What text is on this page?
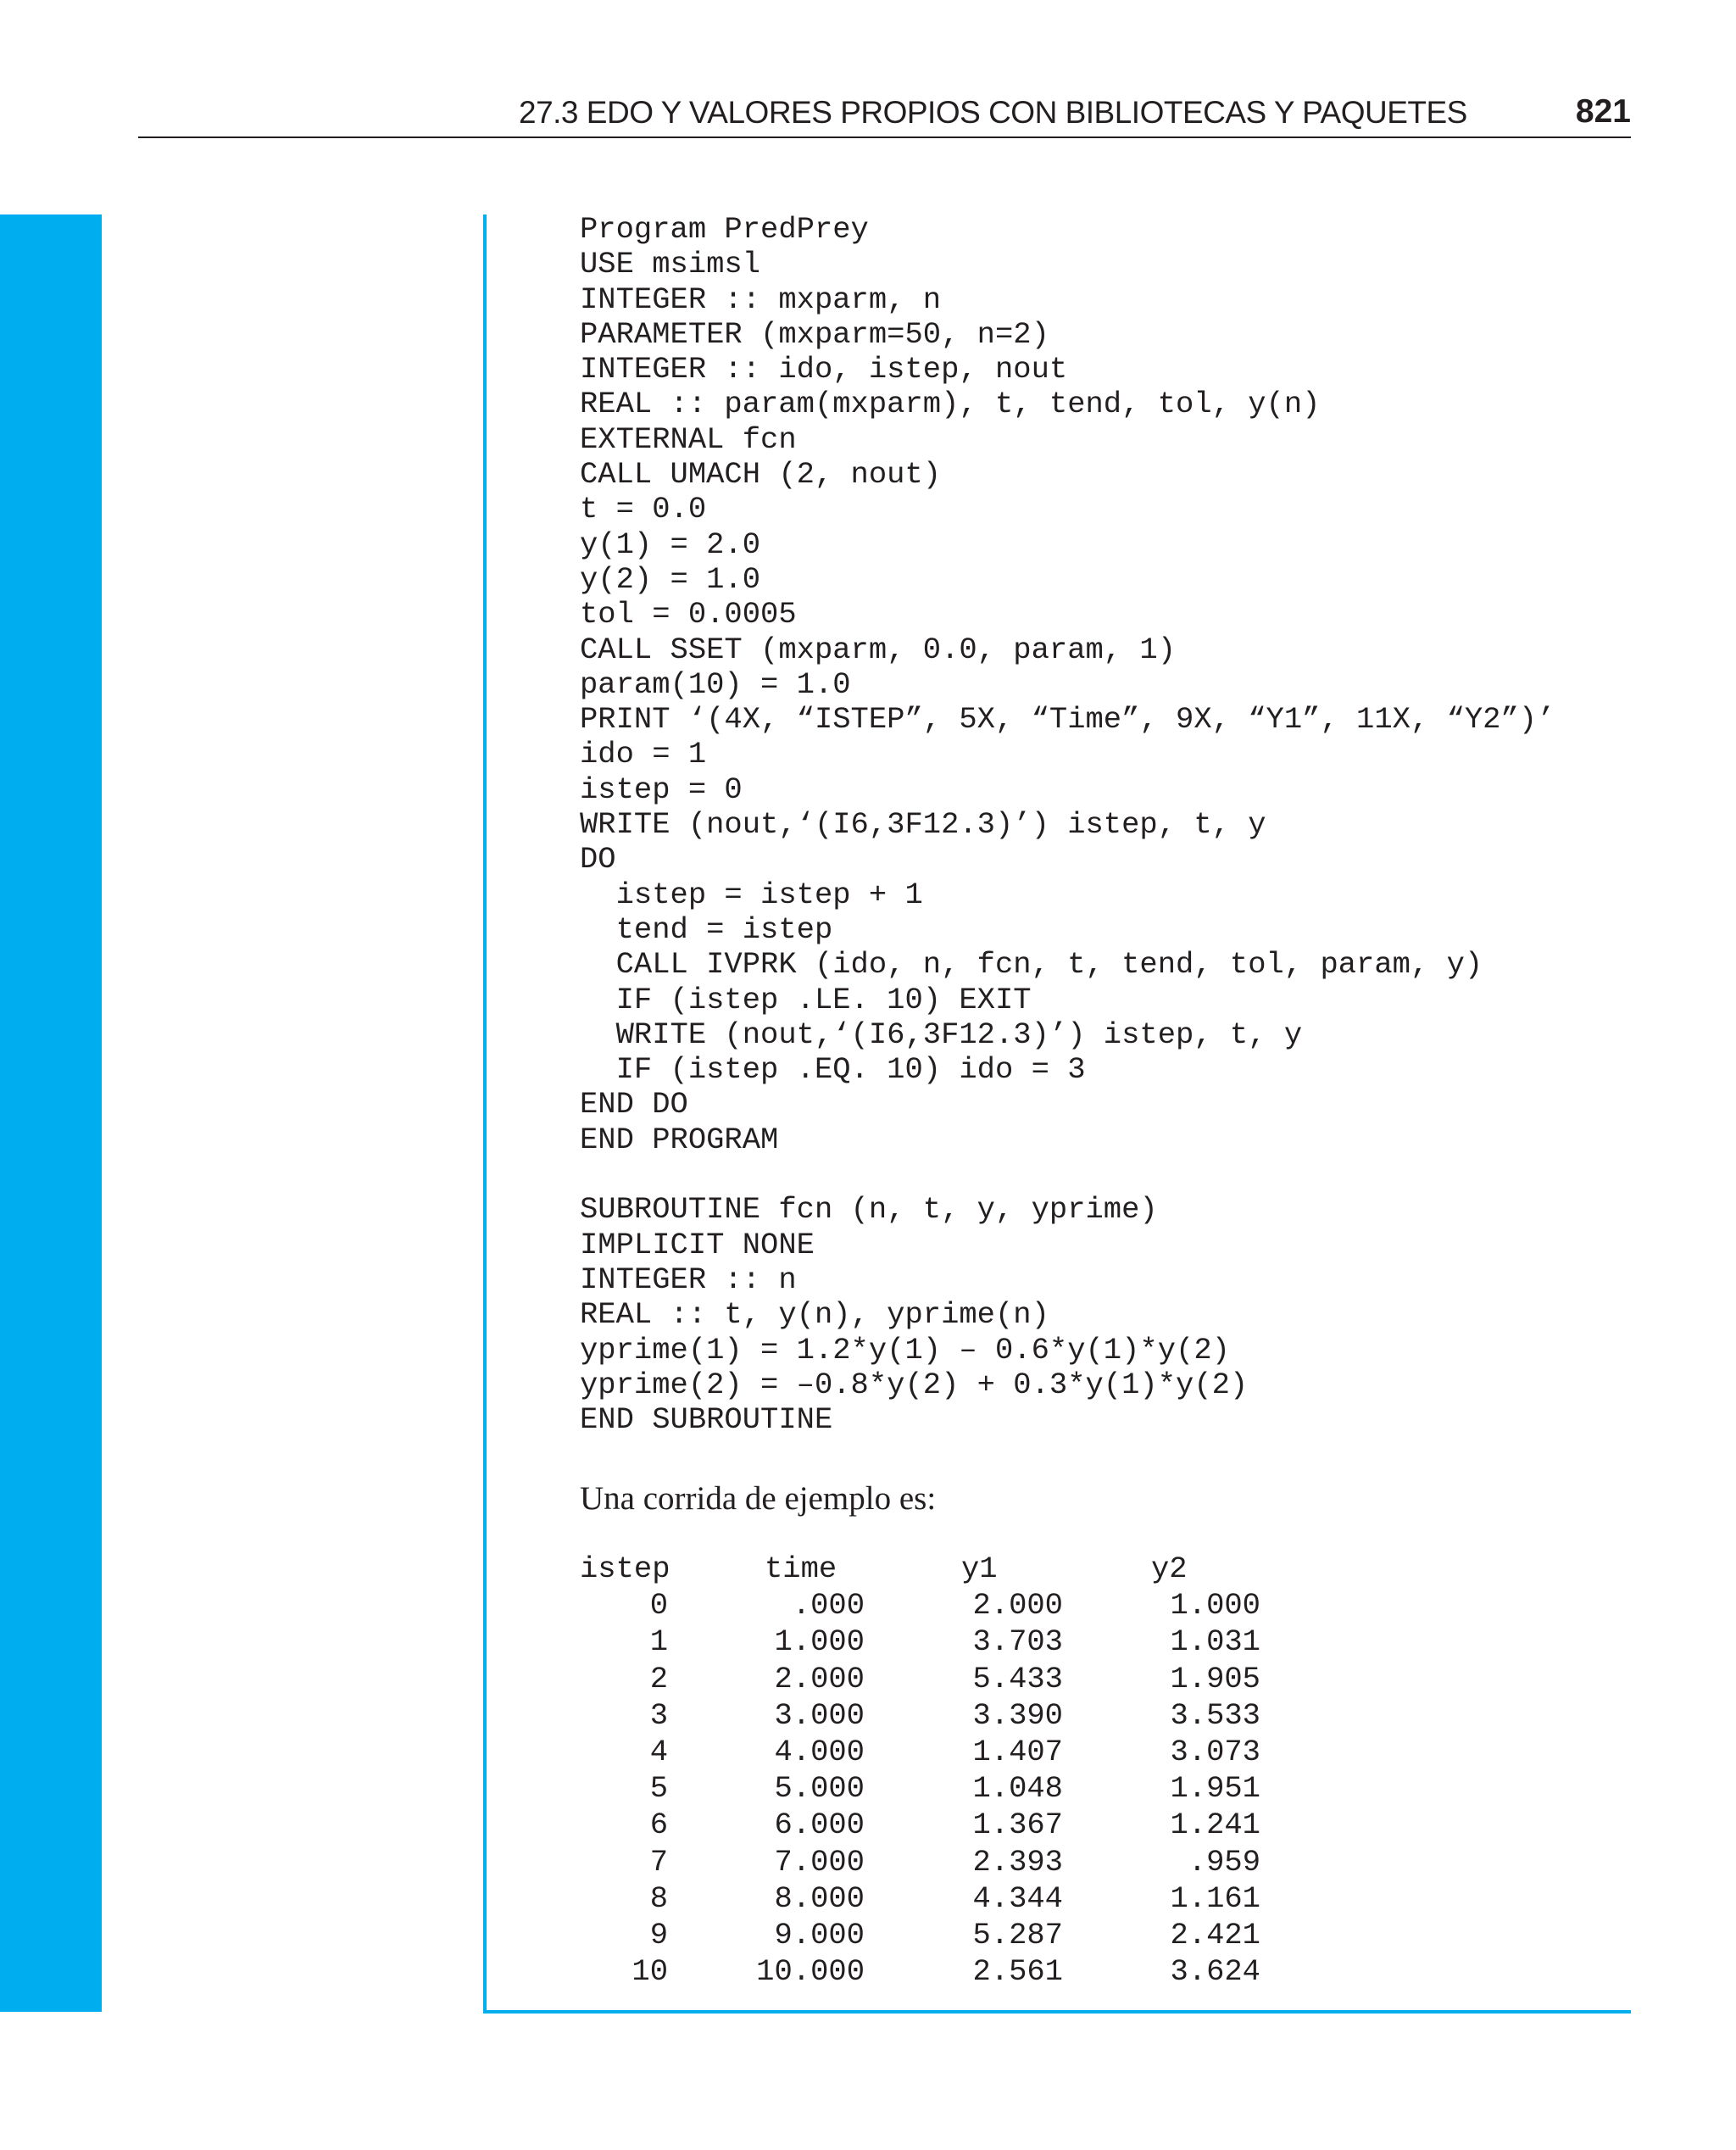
27.3 EDO Y VALORES PROPIOS CON BIBLIOTECAS Y PAQUETES	821
Program PredPrey
USE msimsl
INTEGER :: mxparm, n
PARAMETER (mxparm=50, n=2)
INTEGER :: ido, istep, nout
REAL :: param(mxparm), t, tend, tol, y(n)
EXTERNAL fcn
CALL UMACH (2, nout)
t = 0.0
y(1) = 2.0
y(2) = 1.0
tol = 0.0005
CALL SSET (mxparm, 0.0, param, 1)
param(10) = 1.0
PRINT ‘(4X, “ISTEP”, 5X, “Time”, 9X, “Y1”, 11X, “Y2”)’
ido = 1
istep = 0
WRITE (nout,‘(I6,3F12.3)’) istep, t, y
DO
istep = istep + 1
tend = istep
CALL IVPRK (ido, n, fcn, t, tend, tol, param, y)
IF (istep .LE. 10) EXIT
WRITE (nout,‘(I6,3F12.3)’) istep, t, y
IF (istep .EQ. 10) ido = 3
END DO
END PROGRAM
SUBROUTINE fcn (n, t, y, yprime)
IMPLICIT NONE
INTEGER :: n
REAL :: t, y(n), yprime(n)
yprime(1) = 1.2*y(1) – 0.6*y(1)*y(2)
yprime(2) = –0.8*y(2) + 0.3*y(1)*y(2)
END SUBROUTINE
Una corrida de ejemplo es:
istep	time	y1	y2
0	.000	2.000	1.000
1	1.000	3.703	1.031
2	2.000	5.433	1.905
3	3.000	3.390	3.533
4	4.000	1.407	3.073
5	5.000	1.048	1.951
6	6.000	1.367	1.241
7	7.000	2.393	.959
8	8.000	4.344	1.161
9	9.000	5.287	2.421
10	10.000	2.561	3.624
